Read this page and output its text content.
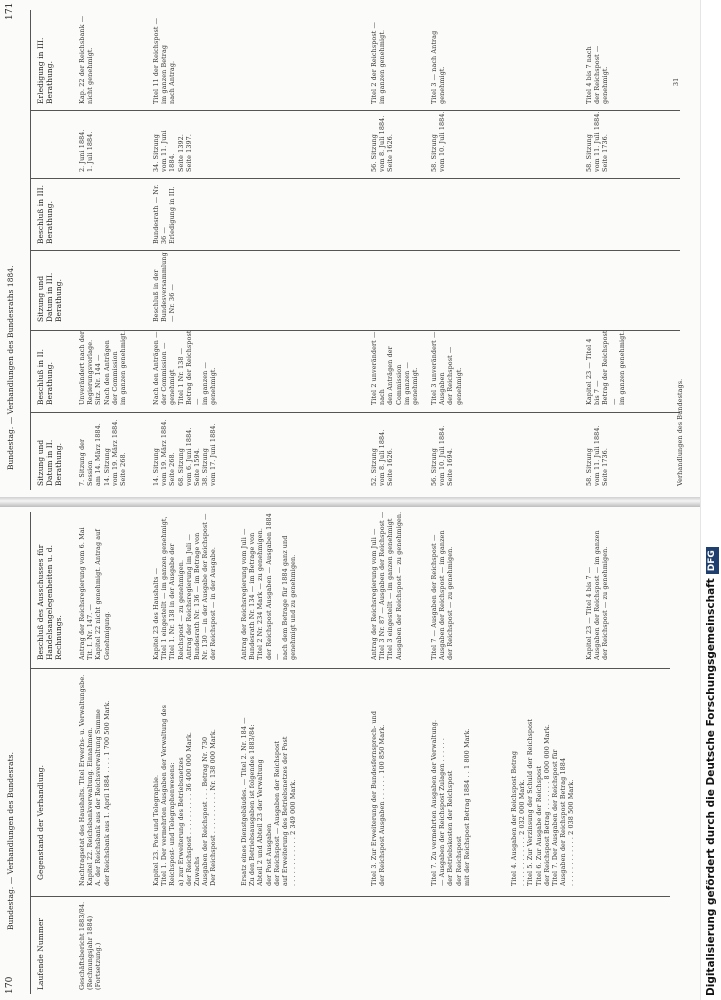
170
Bundestag. — Verhandlungen des Bundesrats.
Laufende Nummer
Gegenstand der Verhandlung.
Beschluß des Ausschusses für Handelsangelegenheiten u. d. Rechnungs.
Geschäftsbericht 1883/84.
(Rechnungsjahr 1884) (Fortsetzung.)
Nachtragsetat des Haushalts. Titel Erwerbs- u. Verwaltungsbe.
Kapitel 22. Reichsbankverwaltung. Einnahmen.
A. der Reichsbank aus der Reichsverwaltung Summe
der Reichsbank aus 1. April 1884 . . . . 1 700 500 Mark.
Antrag der Reichsregierung vom 6. Mai
Tit. I. Nr. 147. —
Kapitel 22 nicht genehmigt. Antrag auf
Genehmigung.
Kapitel 23. Post und Telegraphie.
Titel 1. Der vermehrten Ausgaben der Verwaltung des
Reichspost- und Telegraphenwesens:
a) zur Erweiterung des Betriebsnetzes
der Reichspost . . . . . . . . . . 36 400 000 Mark.
Zuwachs
Ausgaben der Reichspost . . . Betrag Nr. 730
Der Reichspost . . . . . . . . . . Nr. 138 000 Mark.
Kapitel 23 des Haushalts —
Titel 1 eingestellt — im ganzen genehmigt,
Titel 1. Nr. 138 in der Ausgabe der
Reichspost — zu genehmigen.
Antrag der Reichsregierung im Juli —
Bundesrath Nr. 136 — im Betrage von
Nr. 130 — in der Ausgabe der Reichspost —
der Reichspost — in der Ausgabe.
Ersatz eines Dienstgebäudes. — Titel 2. Nr. 184 —
Zu den Betriebsausgaben ist folgendes 1883/84:
Abteil 2 und Abteil 23 der Verwaltung
der Post Ausgaben
der Reichspost — Ausgaben der Reichspost
auf Erweiterung des Betriebsnetzes der Post
. . . . . . . . . . . . 2 349 000 Mark.
Antrag der Reichsregierung vom Juli —
Bundesrath Nr. 134 — im Betrage von
Titel 2 Nr. 234 Mark — zu genehmigen.
der Reichspost Ausgaben — Ausgaben 1884 —
nach dem Betrage für 1884 ganz und
genehmigt und zu genehmigen.
Titel 3. Zur Erweiterung der Bundesfernsprech- und
der Reichspost Ausgaben . . . . . . 100 850 Mark.
Antrag der Reichsregierung vom Juli —
Titel 3 Nr. 87 — Ausgaben der Reichspost —
Titel 3 eingestellt — im ganzen genehmigt
Ausgaben der Reichspost — zu genehmigen.
Titel 7. Zu vermehrten Ausgaben der Verwaltung.
— Ausgaben der Reichspost Zulagen . . . . . .
der Betriebskosten der Reichspost
der Reichspost
mit der Reichspost Betrag 1884 . . 1 800 Mark.
Titel 7 — Ausgaben der Reichspost —
Ausgaben der Reichspost — im ganzen
der Reichspost — zu genehmigen.
Titel 4. Ausgaben der Reichspost Betrag
. . . . . . . . . . . . 2 032 000 Mark.
Titel 5. Zur Verzinsung der Schuld der Reichspost
Titel 6. Zur Ausgabe der Reichspost
der Reichspost Betrag . . . . . . . 8 000 000 Mark.
Titel 7. Der Ausgaben der Reichspost für
Ausgaben der Reichspost Betrag 1884
. . . . . . . . . . . . 2 038 500 Mark.
Kapitel 23 — Titel 4 bis 7 —
Ausgaben der Reichspost — im ganzen
der Reichspost — zu genehmigen.
171
Bundestag. — Verhandlungen des Bundesraths 1884.	Sitzung und Datum in II. Berathung.
Beschluß in II. Berathung.
Sitzung und Datum in III. Berathung.
Beschluß in III. Berathung.
Erledigung in III. Berathung.
7. Sitzung der Session
am 14. März 1884.
14. Sitzung
vom 19. März 1884.
Seite 268.
Unverändert nach der Regierungsvorlage.
Sitz. Nr. 144 —
Nach den Anträgen der Commission
im ganzen genehmigt.
2. Juni 1884.
1. Juli 1884.
Kap. 22 der Reichsbank —
nicht genehmigt.
14. Sitzung
vom 19. März 1884.
Seite 268.
68. Sitzung
vom 6. Juni 1884.
Seite 1594.
38. Sitzung
vom 17. Juni 1884.
Nach den Anträgen —
der Commission — genehmigt
Titel 1 Nr. 138 —
Betrag der Reichspost —
im ganzen — genehmigt.
Beschluß in der
Bundesversammlung
— Nr. 36 —
Bundesrath — Nr. 36 —
Erledigung in III.
34. Sitzung
vom 11. Juni 1884.
Seite 1392.
Seite 1397.
Titel 11 der Reichspost —
im ganzen Betrag
nach Antrag.
52. Sitzung
vom 8. Juli 1884.
Seite 1626.
Titel 2 unverändert — nach
den Anträgen der Commission
im ganzen — genehmigt.
56. Sitzung
vom 8. Juli 1884.
Seite 1626.
Titel 2 der Reichspost —
im ganzen genehmigt.
56. Sitzung
vom 10. Juli 1884.
Seite 1694.
Titel 3 unverändert — Ausgaben
der Reichspost — genehmigt.
58. Sitzung
vom 10. Juli 1884.
Titel 3 — nach Antrag
genehmigt.
58. Sitzung
vom 11. Juli 1884.
Seite 1736.
Kapitel 23 — Titel 4 bis 7 —
Betrag der Reichspost —
im ganzen genehmigt.
58. Sitzung
vom 11. Juli 1884.
Seite 1736.
Titel 4 bis 7 nach
der Reichspost —
genehmigt.
Verhandlungen des Bundestags.
31
Digitalisierung gefördert durch die Deutsche ForschungsgemeinschaftDFG
